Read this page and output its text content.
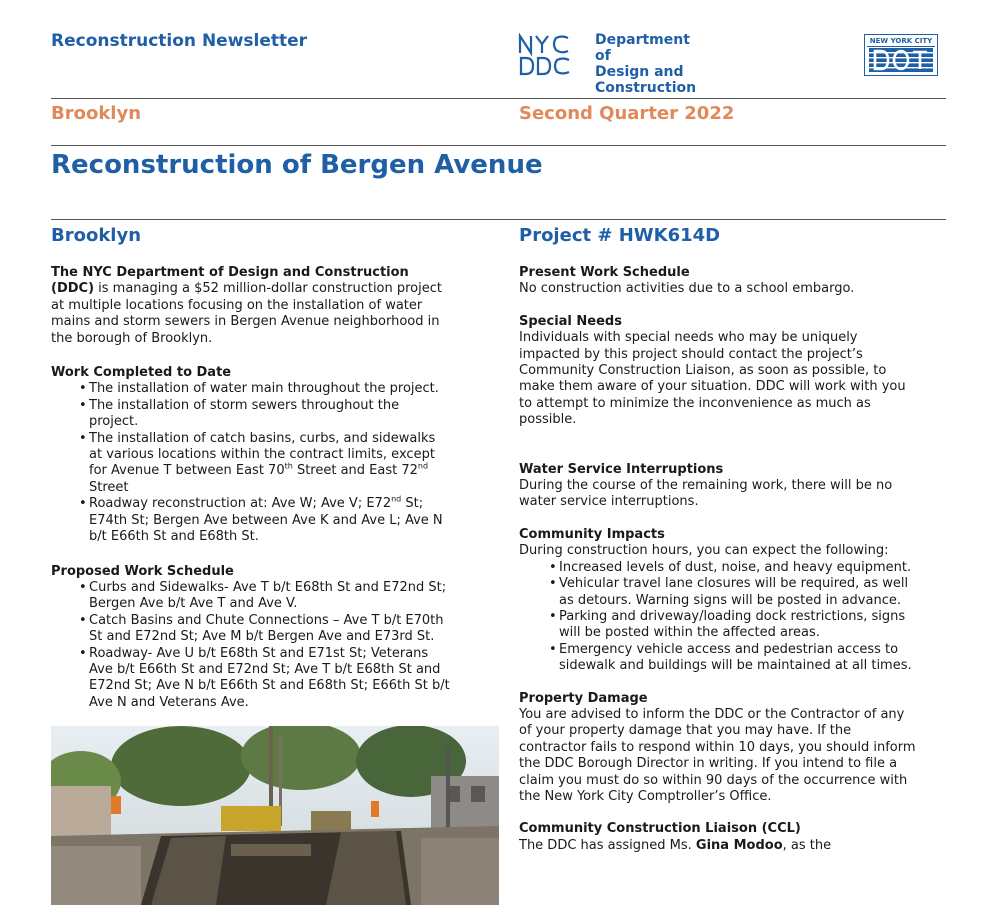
Reconstruction Newsletter	Department of
Design and
Construction
NEW YORK CITY
Brooklyn	Second Quarter 2022
Reconstruction of Bergen Avenue
Brooklyn	Project # HWK614D

The NYC Department of Design and Construction (DDC) is managing a $52 million-dollar construction project at multiple locations focusing on the installation of water mains and storm sewers in Bergen Avenue neighborhood in the borough of Brooklyn.

Work Completed to Date
• The installation of water main throughout the project.
• The installation of storm sewers throughout the project.
• The installation of catch basins, curbs, and sidewalks at various locations within the contract limits, except for Avenue T between East 70th Street and East 72nd Street
• Roadway reconstruction at: Ave W; Ave V; E72nd St; E74th St; Bergen Ave between Ave K and Ave L; Ave N b/t E66th St and E68th St.
Proposed Work Schedule
• Curbs and Sidewalks- Ave T b/t E68th St and E72nd St; Bergen Ave b/t Ave T and Ave V.
• Catch Basins and Chute Connections – Ave T b/t E70th St and E72nd St; Ave M b/t Bergen Ave and E73rd St.
• Roadway- Ave U b/t E68th St and E71st St; Veterans Ave b/t E66th St and E72nd St; Ave T b/t E68th St and E72nd St; Ave N b/t E66th St and E68th St; E66th St b/t Ave N and Veterans Ave.
Present Work Schedule

No construction activities due to a school embargo.

Special Needs

Individuals with special needs who may be uniquely impacted by this project should contact the project’s Community Construction Liaison, as soon as possible, to make them aware of your situation. DDC will work with you to attempt to minimize the inconvenience as much as possible.

Water Service Interruptions

During the course of the remaining work, there will be no water service interruptions.

Community Impacts

During construction hours, you can expect the following:

• Increased levels of dust, noise, and heavy equipment.
• Vehicular travel lane closures will be required, as well as detours. Warning signs will be posted in advance.
• Parking and driveway/loading dock restrictions, signs will be posted within the affected areas.
• Emergency vehicle access and pedestrian access to sidewalk and buildings will be maintained at all times.
Property Damage

You are advised to inform the DDC or the Contractor of any of your property damage that you may have. If the contractor fails to respond within 10 days, you should inform the DDC Borough Director in writing. If you intend to file a claim you must do so within 90 days of the occurrence with the New York City Comptroller’s Office.

Community Construction Liaison (CCL)

The DDC has assigned Ms. Gina Modoo, as the
